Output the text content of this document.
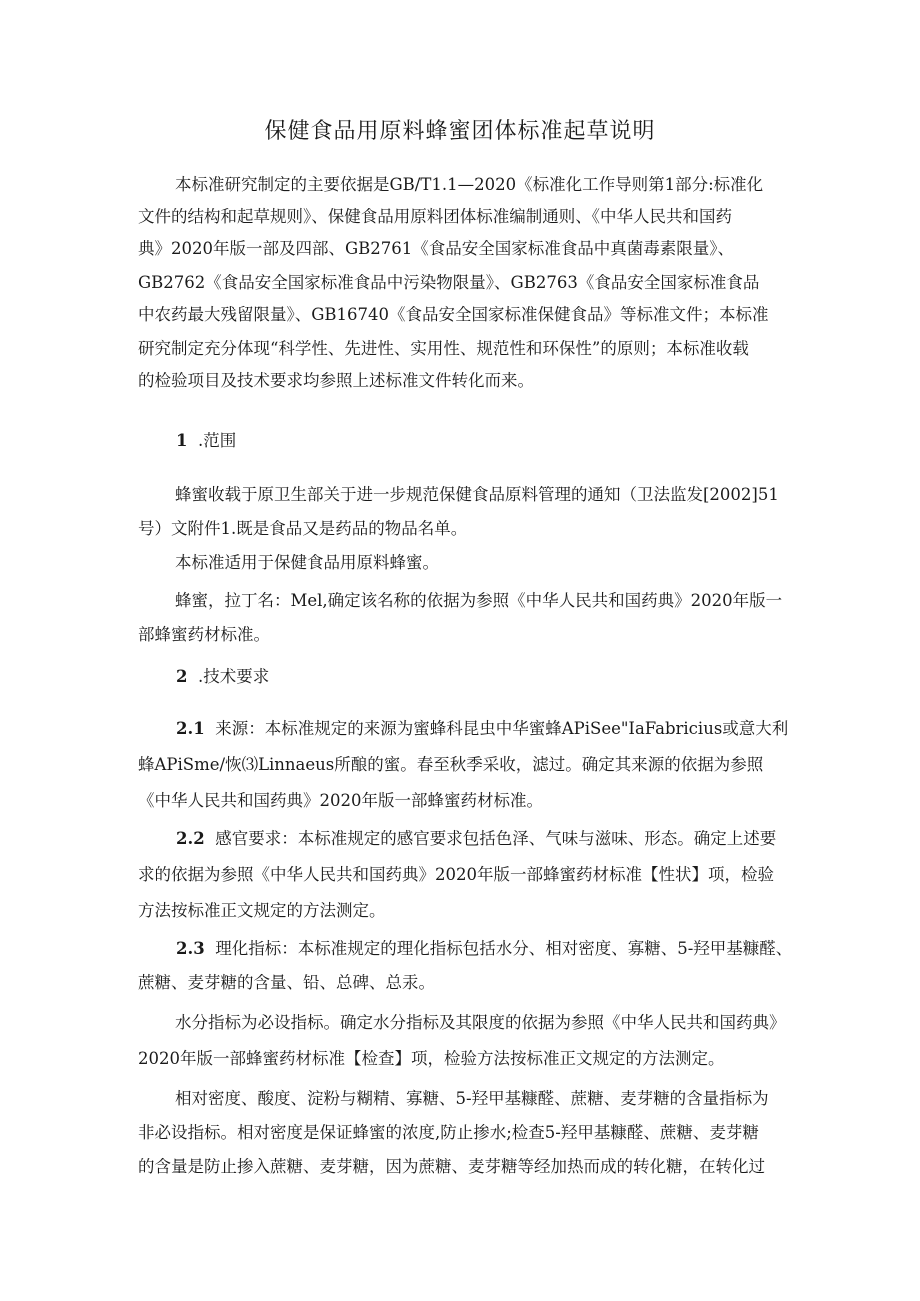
保健食品用原料蜂蜜团体标准起草说明
本标准研究制定的主要依据是GB/T1.1—2020《标准化工作导则第1部分:标准化
文件的结构和起草规则》、保健食品用原料团体标准编制通则、《中华人民共和国药
典》2020年版一部及四部、GB2761《食品安全国家标准食品中真菌毒素限量》、
GB2762《食品安全国家标准食品中污染物限量》、GB2763《食品安全国家标准食品
中农药最大残留限量》、GB16740《食品安全国家标准保健食品》等标准文件；本标准
研究制定充分体现“科学性、先进性、实用性、规范性和环保性”的原则；本标准收载
的检验项目及技术要求均参照上述标准文件转化而来。
1 .范围
蜂蜜收载于原卫生部关于进一步规范保健食品原料管理的通知（卫法监发[2002]51
号）文附件1.既是食品又是药品的物品名单。
本标准适用于保健食品用原料蜂蜜。
蜂蜜，拉丁名：Mel,确定该名称的依据为参照《中华人民共和国药典》2020年版一
部蜂蜜药材标准。
2 .技术要求
2.1 来源：本标准规定的来源为蜜蜂科昆虫中华蜜蜂APiSee"IaFabricius或意大利
蜂APiSme/恢⑶Linnaeus所酿的蜜。春至秋季采收，滤过。确定其来源的依据为参照
《中华人民共和国药典》2020年版一部蜂蜜药材标准。
2.2 感官要求：本标准规定的感官要求包括色泽、气味与滋味、形态。确定上述要
求的依据为参照《中华人民共和国药典》2020年版一部蜂蜜药材标准【性状】项，检验
方法按标准正文规定的方法测定。
2.3 理化指标：本标准规定的理化指标包括水分、相对密度、寡糖、5-羟甲基糠醛、
蔗糖、麦芽糖的含量、铅、总碑、总汞。
水分指标为必设指标。确定水分指标及其限度的依据为参照《中华人民共和国药典》
2020年版一部蜂蜜药材标准【检查】项，检验方法按标准正文规定的方法测定。
相对密度、酸度、淀粉与糊精、寡糖、5-羟甲基糠醛、蔗糖、麦芽糖的含量指标为
非必设指标。相对密度是保证蜂蜜的浓度,防止掺水;检查5-羟甲基糠醛、蔗糖、麦芽糖
的含量是防止掺入蔗糖、麦芽糖，因为蔗糖、麦芽糖等经加热而成的转化糖，在转化过
